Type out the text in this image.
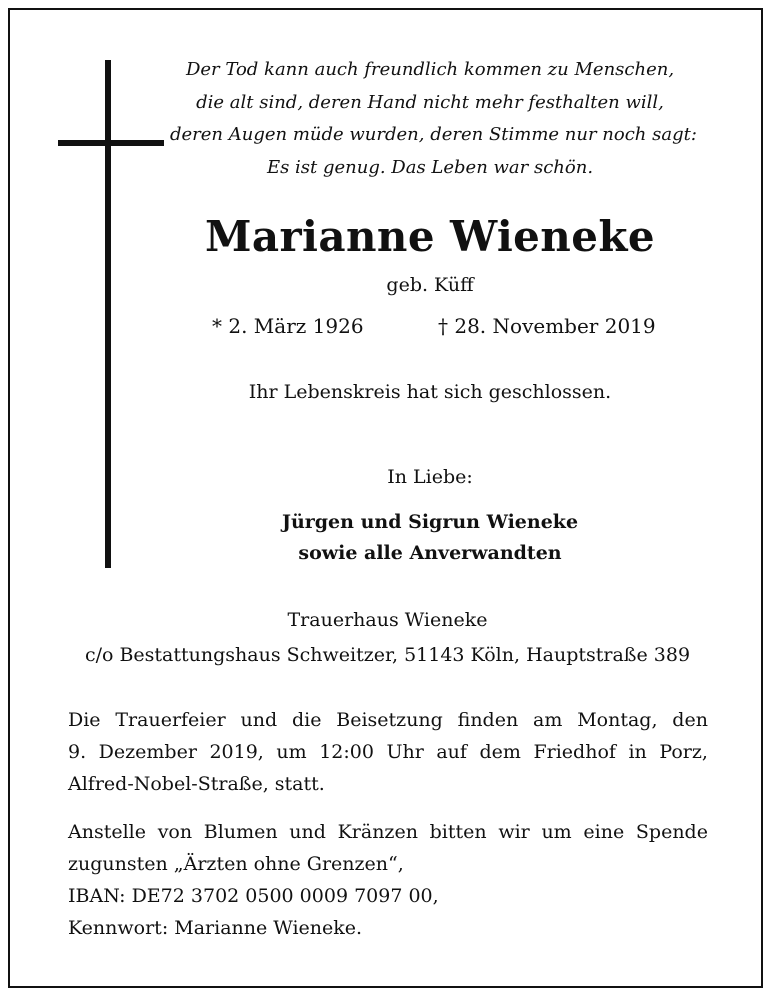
Der Tod kann auch freundlich kommen zu Menschen,
die alt sind, deren Hand nicht mehr festhalten will,
deren Augen müde wurden, deren Stimme nur noch sagt:
Es ist genug. Das Leben war schön.
Marianne Wieneke
geb. Küff
* 2. März 1926	† 28. November 2019
Ihr Lebenskreis hat sich geschlossen.
In Liebe:
Jürgen und Sigrun Wieneke
sowie alle Anverwandten
Trauerhaus Wieneke
c/o Bestattungshaus Schweitzer, 51143 Köln, Hauptstraße 389
Die Trauerfeier und die Beisetzung finden am Montag, den
9. Dezember 2019, um 12:00 Uhr auf dem Friedhof in Porz,
Alfred-Nobel-Straße, statt.
Anstelle von Blumen und Kränzen bitten wir um eine Spende
zugunsten „Ärzten ohne Grenzen“,
IBAN: DE72 3702 0500 0009 7097 00,
Kennwort: Marianne Wieneke.
